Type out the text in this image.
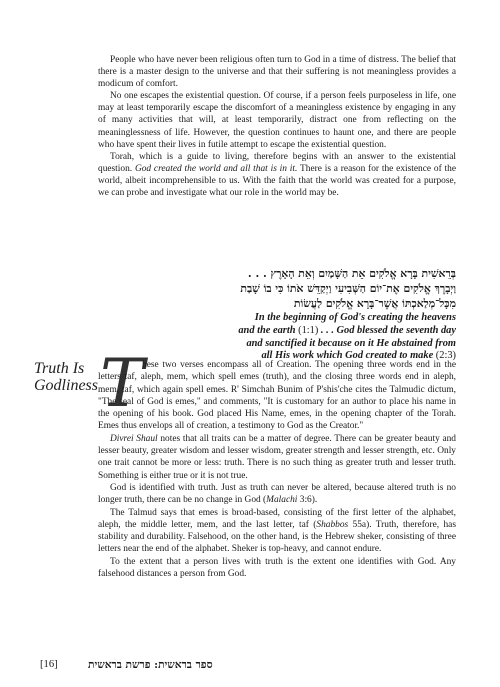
People who have never been religious often turn to God in a time of distress. The belief that there is a master design to the universe and that their suffering is not meaningless provides a modicum of comfort.

No one escapes the existential question. Of course, if a person feels purposeless in life, one may at least temporarily escape the discomfort of a meaningless existence by engaging in any of many activities that will, at least temporarily, distract one from reflecting on the meaninglessness of life. However, the question continues to haunt one, and there are people who have spent their lives in futile attempt to escape the existential question.

Torah, which is a guide to living, therefore begins with an answer to the existential question. God created the world and all that is in it. There is a reason for the existence of the world, albeit incomprehensible to us. With the faith that the world was created for a purpose, we can probe and investigate what our role in the world may be.

בְּרֵאשִׁית בָּרָא אֱלֹקִים אֵת הַשָּׁמַיִם וְאֵת הָאָרֶץ . . .
וַיְבָרֶךְ אֱלֹקִים אֶת־יוֹם הַשְּׁבִיעִי וַיְקַדֵּשׁ אֹתוֹ כִּי בוֹ שָׁבַת
מִכָּל־מְלַאכְתּוֹ אֲשֶׁר־בָּרָא אֱלֹקִים לַעֲשׂוֹת
In the beginning of God's creating the heavens
and the earth (1:1) . . . God blessed the seventh day
and sanctified it because on it He abstained from
all His work which God created to make (2:3)
Truth Is
Godliness T

hese two verses encompass all of Creation. The opening three words end in the letters taf, aleph, mem, which spell emes (truth), and the closing three words end in aleph, mem, taf, which again spell emes. R' Simchah Bunim of P'shis'che cites the Talmudic dictum, "The seal of God is emes," and comments, "It is customary for an author to place his name in the opening of his book. God placed His Name, emes, in the opening chapter of the Torah. Emes thus envelops all of creation, a testimony to God as the Creator."

Divrei Shaul notes that all traits can be a matter of degree. There can be greater beauty and lesser beauty, greater wisdom and lesser wisdom, greater strength and lesser strength, etc. Only one trait cannot be more or less: truth. There is no such thing as greater truth and lesser truth. Something is either true or it is not true.

God is identified with truth. Just as truth can never be altered, because altered truth is no longer truth, there can be no change in God (Malachi 3:6).

The Talmud says that emes is broad-based, consisting of the first letter of the alphabet, aleph, the middle letter, mem, and the last letter, taf (Shabbos 55a). Truth, therefore, has stability and durability. Falsehood, on the other hand, is the Hebrew sheker, consisting of three letters near the end of the alphabet. Sheker is top-heavy, and cannot endure.

To the extent that a person lives with truth is the extent one identifies with God. Any falsehood distances a person from God.

[16]	ספר בראשית: פרשת בראשית
